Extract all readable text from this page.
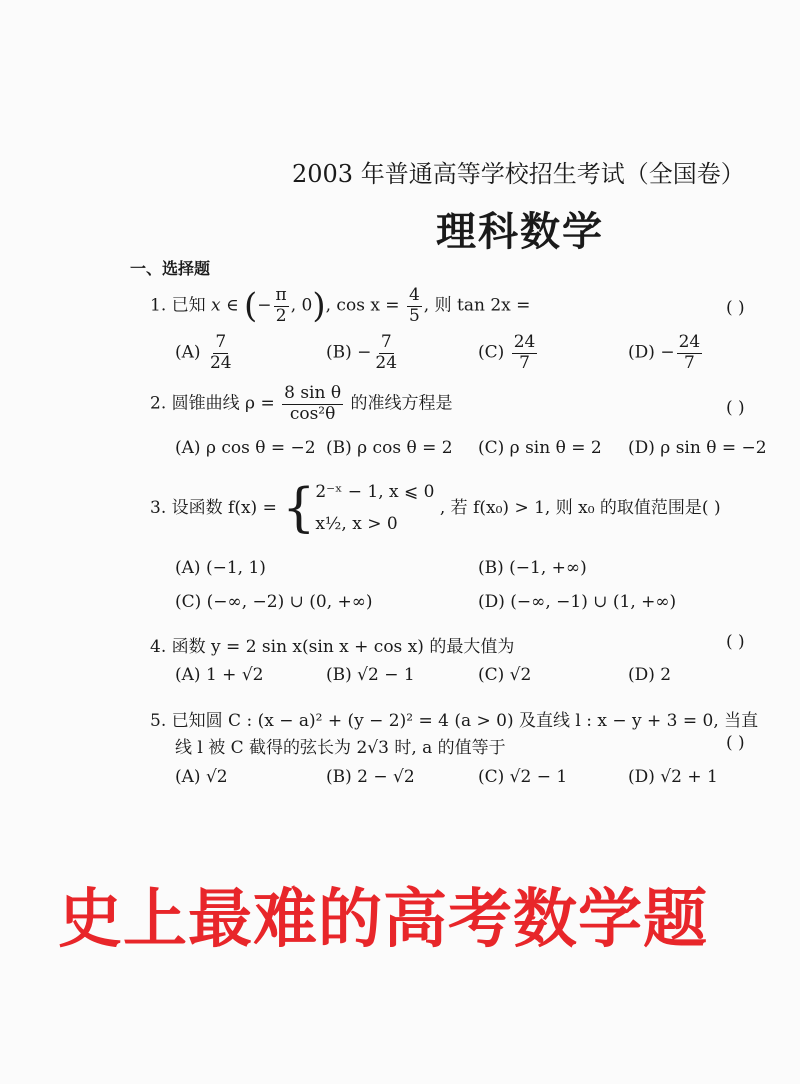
2003 年普通高等学校招生考试（全国卷）
理科数学
一、选择题
1. 已知 x ∈ (− $\frac{\pi}{2}$ , 0), $\cos x = \frac{4}{5}$ , 则 tan 2x =	( )
$(A) \frac{7}{24}$	$(B) - \frac{7}{24}$	$(C) \frac{24}{7}$	$(D) - \frac{24}{7}$
2. 圆锥曲线 $\rho = \frac{\text{8 sin θ}}{\text{cos²θ}}$ 的准线方程是	( )
(A) ρ cos θ = −2 (B) ρ cos θ = 2 (C) ρ sin θ = 2 (D) ρ sin θ = −2
3. 设函数 f(x) = { 2⁻ˣ − 1, x ⩽ 0
x½, x > 0
, 若 f(x₀) > 1, 则 x₀ 的取值范围是( )
(A) (−1, 1)	(B) (−1, +∞)
(C) (−∞, −2) ∪ (0, +∞)	(D) (−∞, −1) ∪ (1, +∞)
4. 函数 y = 2 sin x(sin x + cos x) 的最大值为	( )
(A) 1 + √2	(B) √2 − 1	(C) √2	(D) 2
5. 已知圆 C : (x − a)² + (y − 2)² = 4 (a > 0) 及直线 l : x − y + 3 = 0, 当直
线 l 被 C 截得的弦长为 2√3 时, a 的值等于	( )
(A) √2	(B) 2 − √2	(C) √2 − 1	(D) √2 + 1
史上最难的高考数学题
